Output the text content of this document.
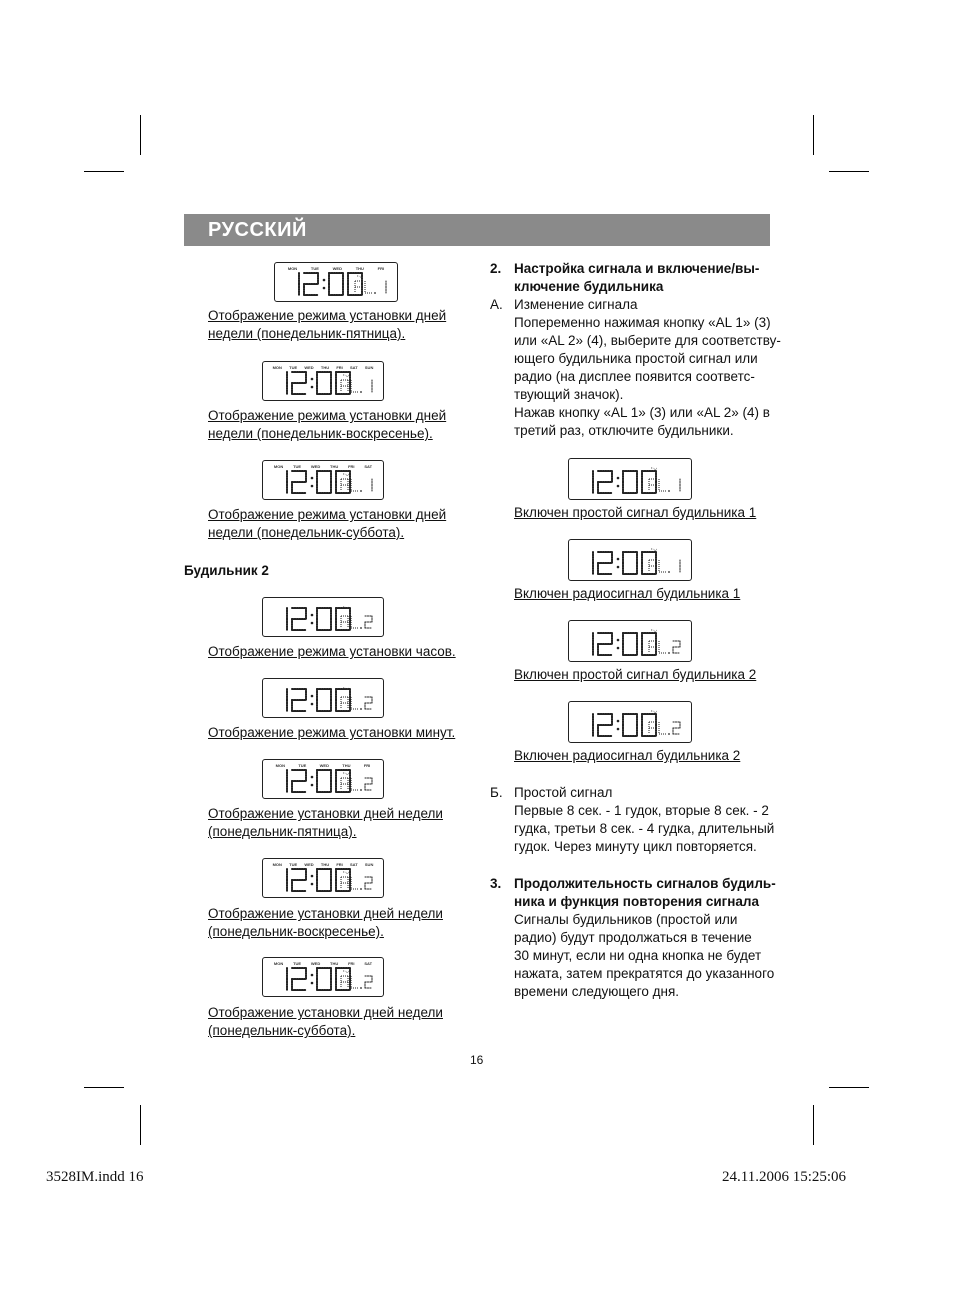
РУССКИЙ
MON	TUE	WED	THU	FRI
• ◡
MON TUE WED THU FRI SAT SUN
• ◡
MON TUE WED THU FRI SAT
• ◡
Отображение режима установки дней
недели (понедельник-пятница).
Отображение режима установки дней
недели (понедельник-воскресенье).
Отображение режима установки дней
недели (понедельник-суббота).
Будильник 2
• ◡
• ◡
MON	TUE	WED	THU	FRI
• ◡
MON TUE WED THU FRI SAT SUN
• ◡
MON TUE WED THU FRI SAT
• ◡
Отображение режима установки часов.
Отображение режима установки минут.
Отображение установки дней недели
(понедельник-пятница).
Отображение установки дней недели
(понедельник-воскресенье).
Отображение установки дней недели
(понедельник-суббота).
2. Настройка сигнала и включение/вы-
ключение будильника
А. Изменение сигнала
Попеременно нажимая кнопку «AL 1» (3)
или «AL 2» (4), выберите для соответству-
ющего будильника простой сигнал или
радио (на дисплее появится соответс-
твующий значок).
Нажав кнопку «AL 1» (3) или «AL 2» (4) в
третий раз, отключите будильники.
• ◡
• ◡
• ◡
• ◡
Включен простой сигнал будильника 1
Включен радиосигнал будильника 1
Включен простой сигнал будильника 2
Включен радиосигнал будильника 2
Б. Простой сигнал
Первые 8 сек. - 1 гудок, вторые 8 сек. - 2
гудка, третьи 8 сек. - 4 гудка, длительный
гудок. Через минуту цикл повторяется.
3. Продолжительность сигналов будиль-
ника и функция повторения сигнала
Сигналы будильников (простой или
радио) будут продолжаться в течение
30 минут, если ни одна кнопка не будет
нажата, затем прекратятся до указанного
времени следующего дня.
16
3528IM.indd 16	24.11.2006 15:25:06
